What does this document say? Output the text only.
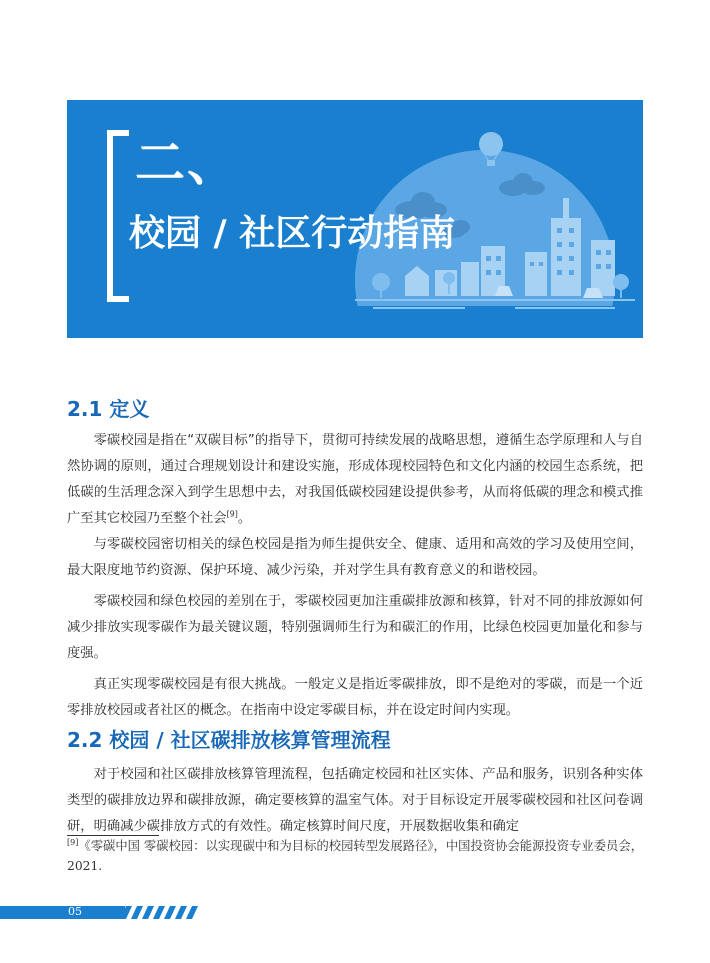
二、
校园 / 社区行动指南
2.1 定义

零碳校园是指在“双碳目标”的指导下，贯彻可持续发展的战略思想，遵循生态学原理和人与自然协调的原则，通过合理规划设计和建设实施，形成体现校园特色和文化内涵的校园生态系统，把低碳的生活理念深入到学生思想中去，对我国低碳校园建设提供参考，从而将低碳的理念和模式推广至其它校园乃至整个社会[9]。

与零碳校园密切相关的绿色校园是指为师生提供安全、健康、适用和高效的学习及使用空间，最大限度地节约资源、保护环境、减少污染，并对学生具有教育意义的和谐校园。

零碳校园和绿色校园的差别在于，零碳校园更加注重碳排放源和核算，针对不同的排放源如何减少排放实现零碳作为最关键议题，特别强调师生行为和碳汇的作用，比绿色校园更加量化和参与度强。

真正实现零碳校园是有很大挑战。一般定义是指近零碳排放，即不是绝对的零碳，而是一个近零排放校园或者社区的概念。在指南中设定零碳目标，并在设定时间内实现。

2.2 校园 / 社区碳排放核算管理流程

对于校园和社区碳排放核算管理流程，包括确定校园和社区实体、产品和服务，识别各种实体类型的碳排放边界和碳排放源，确定要核算的温室气体。对于目标设定开展零碳校园和社区问卷调研，明确减少碳排放方式的有效性。确定核算时间尺度，开展数据收集和确定

[9]《零碳中国 零碳校园：以实现碳中和为目标的校园转型发展路径》，中国投资协会能源投资专业委员会，2021.

05
